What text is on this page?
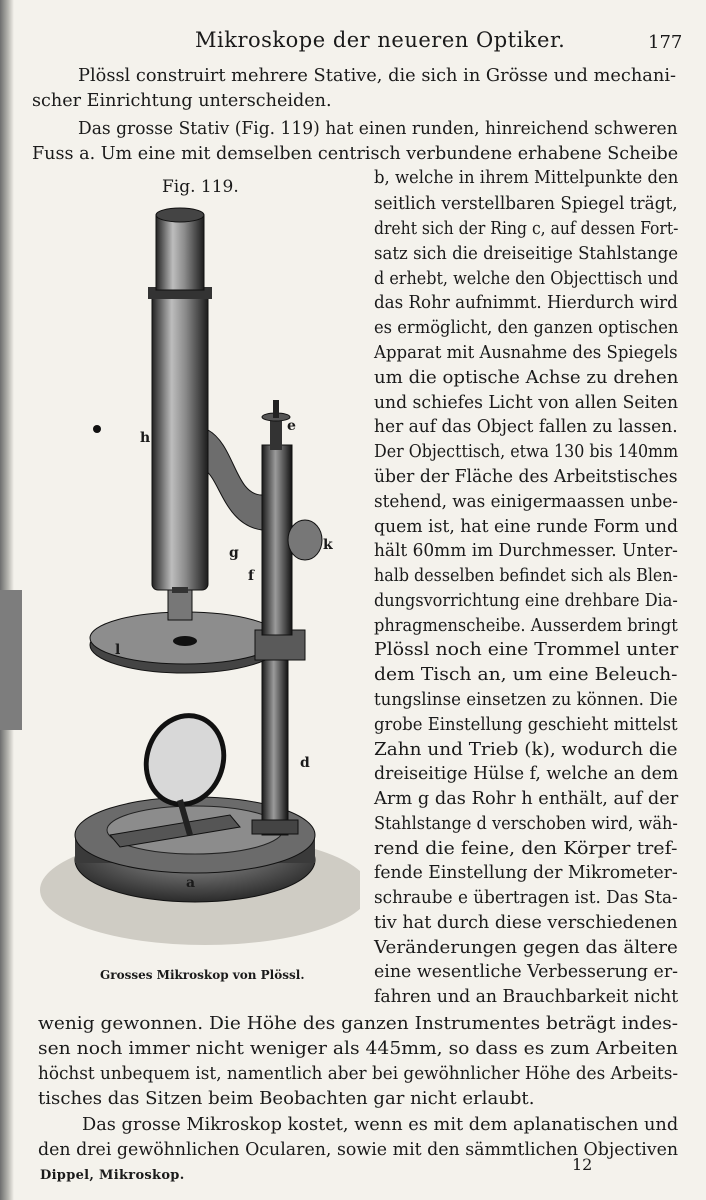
Mikroskope der neueren Optiker.	177
Plössl construirt mehrere Stative, die sich in Grösse und mechani-
scher Einrichtung unterscheiden.
Das grosse Stativ (Fig. 119) hat einen runden, hinreichend schweren
Fuss a. Um eine mit demselben centrisch verbundene erhabene Scheibe
b, welche in ihrem Mittelpunkte den
seitlich verstellbaren Spiegel trägt,
dreht sich der Ring c, auf dessen Fort-
satz sich die dreiseitige Stahlstange
d erhebt, welche den Objecttisch und
das Rohr aufnimmt. Hierdurch wird
es ermöglicht, den ganzen optischen
Apparat mit Ausnahme des Spiegels
um die optische Achse zu drehen
und schiefes Licht von allen Seiten
her auf das Object fallen zu lassen.
Der Objecttisch, etwa 130 bis 140mm
über der Fläche des Arbeitstisches
stehend, was einigermaassen unbe-
quem ist, hat eine runde Form und
hält 60mm im Durchmesser. Unter-
halb desselben befindet sich als Blen-
dungsvorrichtung eine drehbare Dia-
phragmenscheibe. Ausserdem bringt
Plössl noch eine Trommel unter
dem Tisch an, um eine Beleuch-
tungslinse einsetzen zu können. Die
grobe Einstellung geschieht mittelst
Zahn und Trieb (k), wodurch die
dreiseitige Hülse f, welche an dem
Arm g das Rohr h enthält, auf der
Stahlstange d verschoben wird, wäh-
rend die feine, den Körper tref-
fende Einstellung der Mikrometer-
schraube e übertragen ist. Das Sta-
tiv hat durch diese verschiedenen
Veränderungen gegen das ältere
eine wesentliche Verbesserung er-
fahren und an Brauchbarkeit nicht
wenig gewonnen. Die Höhe des ganzen Instrumentes beträgt indes-
sen noch immer nicht weniger als 445mm, so dass es zum Arbeiten
höchst unbequem ist, namentlich aber bei gewöhnlicher Höhe des Arbeits-
tisches das Sitzen beim Beobachten gar nicht erlaubt.
Das grosse Mikroskop kostet, wenn es mit dem aplanatischen und
den drei gewöhnlichen Ocularen, sowie mit den sämmtlichen Objectiven
Fig. 119.
h
e
k
g
f
l
d
a
Grosses Mikroskop von Plössl.
Dippel, Mikroskop.
12
